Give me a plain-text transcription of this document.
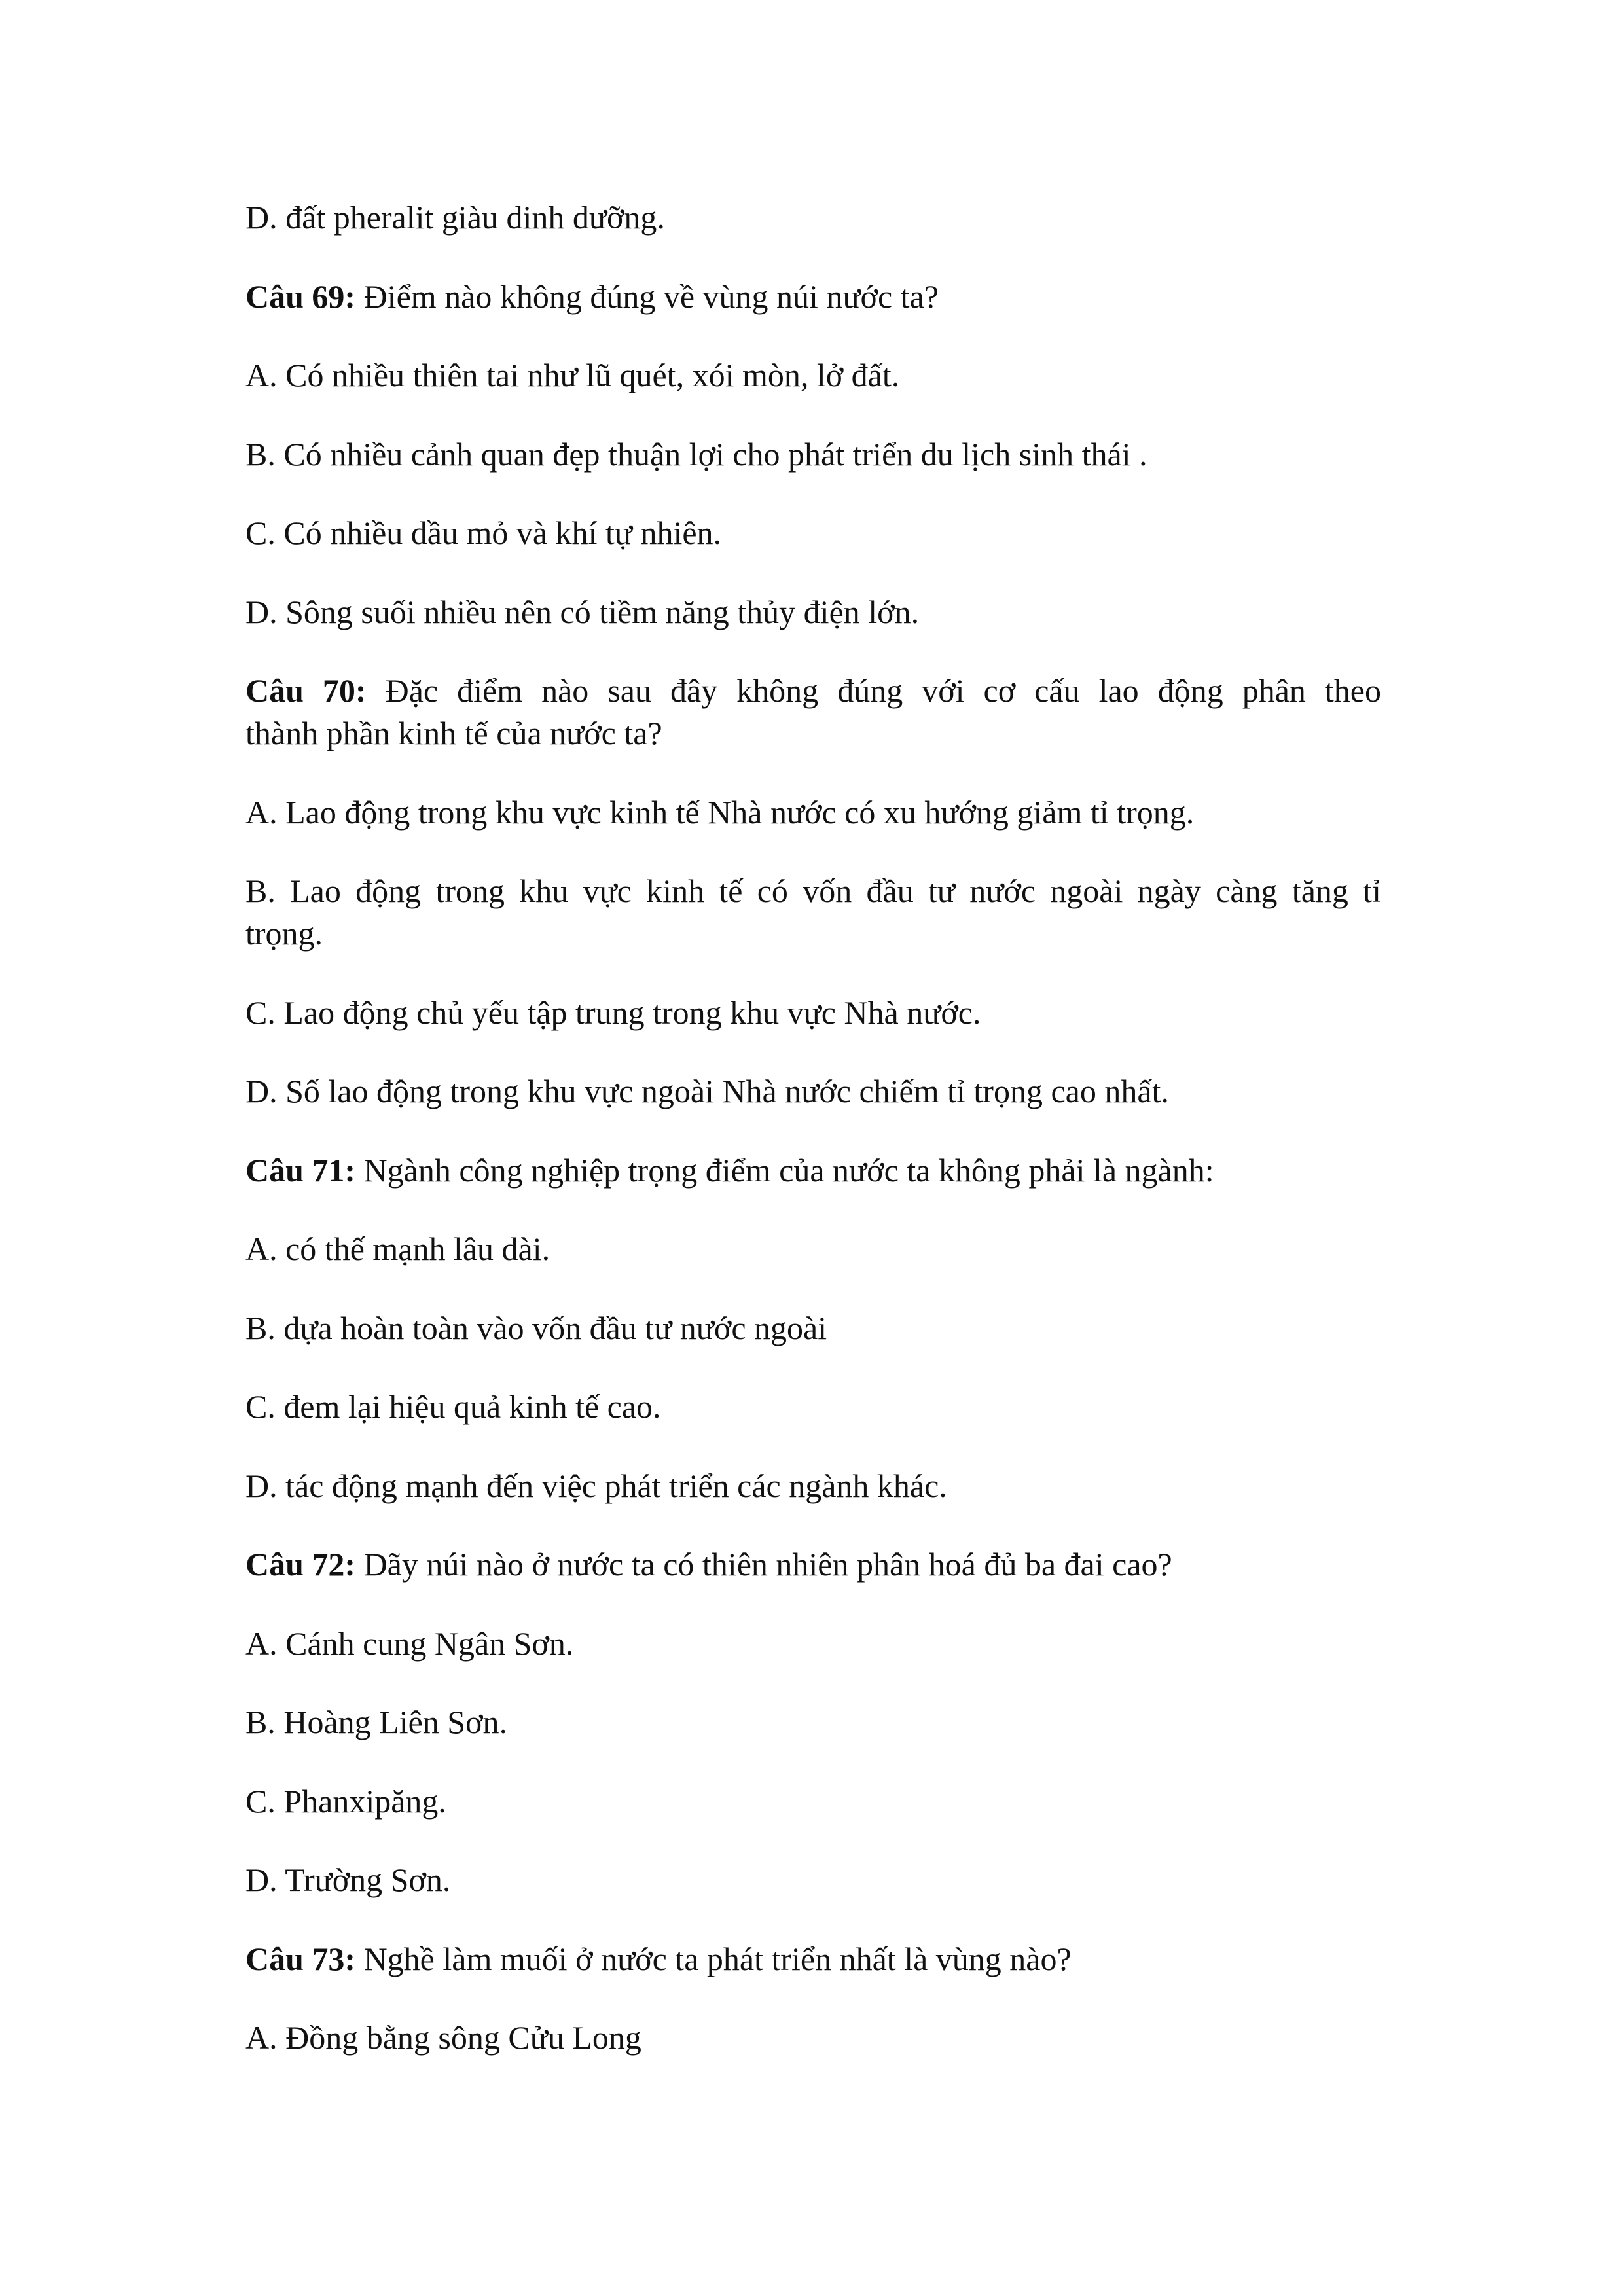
D. đất pheralit giàu dinh dưỡng.
Câu 69: Điểm nào không đúng về vùng núi nước ta?
A. Có nhiều thiên tai như lũ quét, xói mòn, lở đất.
B. Có nhiều cảnh quan đẹp thuận lợi cho phát triển du lịch sinh thái .
C. Có nhiều dầu mỏ và khí tự nhiên.
D. Sông suối nhiều nên có tiềm năng thủy điện lớn.
Câu 70: Đặc điểm nào sau đây không đúng với cơ cấu lao động phân theo
thành phần kinh tế của nước ta?
A. Lao động trong khu vực kinh tế Nhà nước có xu hướng giảm tỉ trọng.
B. Lao động trong khu vực kinh tế có vốn đầu tư nước ngoài ngày càng tăng tỉ
trọng.
C. Lao động chủ yếu tập trung trong khu vực Nhà nước.
D. Số lao động trong khu vực ngoài Nhà nước chiếm tỉ trọng cao nhất.
Câu 71: Ngành công nghiệp trọng điểm của nước ta không phải là ngành:
A. có thế mạnh lâu dài.
B. dựa hoàn toàn vào vốn đầu tư nước ngoài
C. đem lại hiệu quả kinh tế cao.
D. tác động mạnh đến việc phát triển các ngành khác.
Câu 72: Dãy núi nào ở nước ta có thiên nhiên phân hoá đủ ba đai cao?
A. Cánh cung Ngân Sơn.
B. Hoàng Liên Sơn.
C. Phanxipăng.
D. Trường Sơn.
Câu 73: Nghề làm muối ở nước ta phát triển nhất là vùng nào?
A. Đồng bằng sông Cửu Long
